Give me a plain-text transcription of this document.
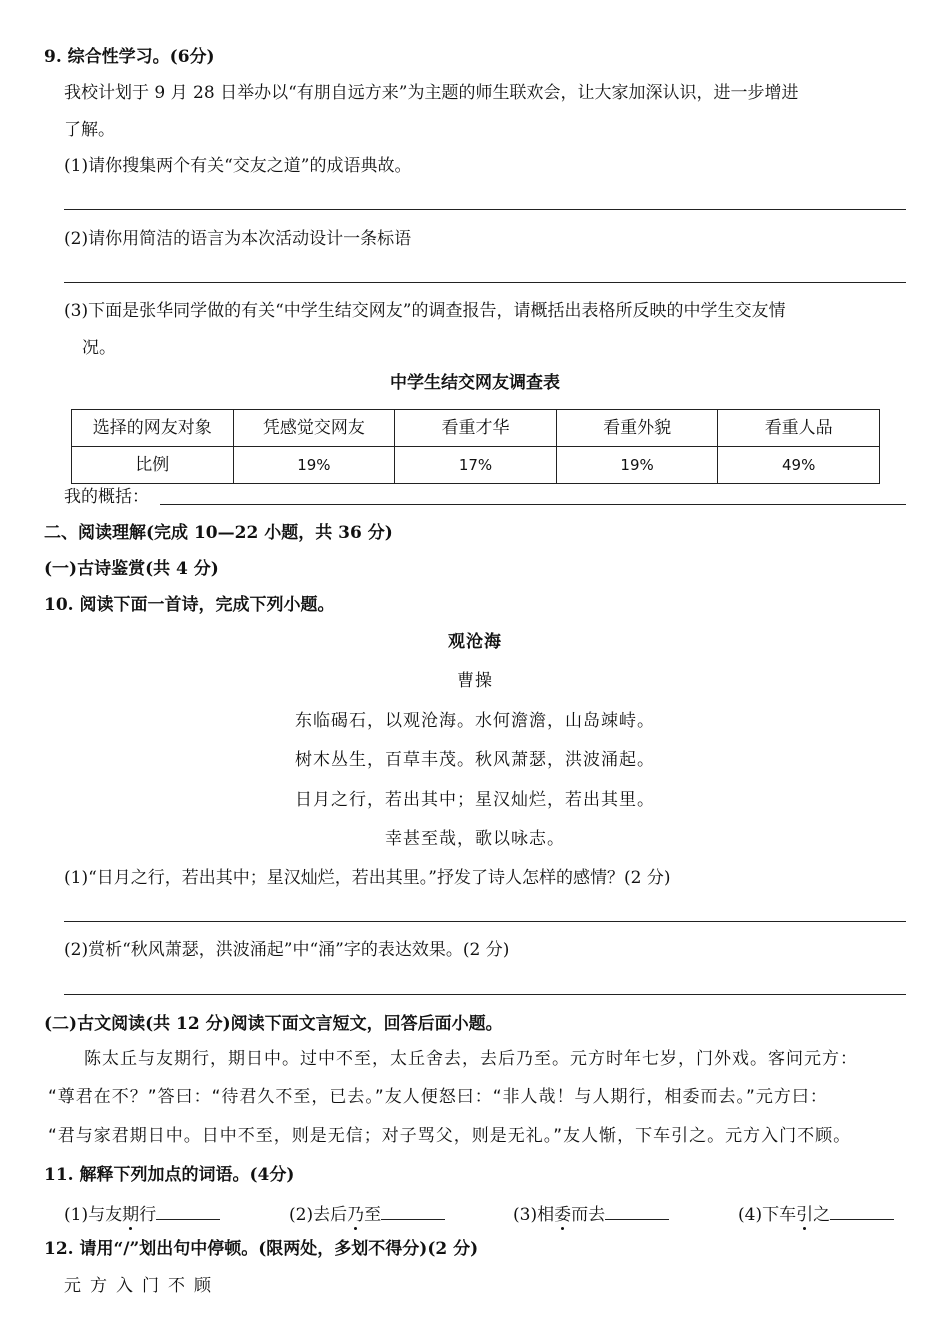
9. 综合性学习。(6分)
我校计划于 9 月 28 日举办以“有朋自远方来”为主题的师生联欢会，让大家加深认识，进一步增进
了解。
(1)请你搜集两个有关“交友之道”的成语典故。
(2)请你用简洁的语言为本次活动设计一条标语
(3)下面是张华同学做的有关“中学生结交网友”的调查报告，请概括出表格所反映的中学生交友情
况。
中学生结交网友调查表
选择的网友对象	凭感觉交网友	看重才华	看重外貌	看重人品
比例	19%	17%	19%	49%
我的概括：
二、阅读理解(完成 10—22 小题，共 36 分)
(一)古诗鉴赏(共 4 分)
10. 阅读下面一首诗，完成下列小题。
观沧海
曹操
东临碣石，以观沧海。水何澹澹，山岛竦峙。
树木丛生，百草丰茂。秋风萧瑟，洪波涌起。
日月之行，若出其中；星汉灿烂，若出其里。
幸甚至哉，歌以咏志。
(1)“日月之行，若出其中；星汉灿烂，若出其里。”抒发了诗人怎样的感情？(2 分)
(2)赏析“秋风萧瑟，洪波涌起”中“涌”字的表达效果。(2 分)
(二)古文阅读(共 12 分)阅读下面文言短文，回答后面小题。
陈太丘与友期行，期日中。过中不至，太丘舍去，去后乃至。元方时年七岁，门外戏。客问元方：
“尊君在不？”答曰：“待君久不至，已去。”友人便怒曰：“非人哉！与人期行，相委而去。”元方曰：
“君与家君期日中。日中不至，则是无信；对子骂父，则是无礼。”友人惭，下车引之。元方入门不顾。
11. 解释下列加点的词语。(4分)
(1)与友期行	(2)去后乃至	(3)相委而去	(4)下车引之
12. 请用“/”划出句中停顿。(限两处，多划不得分)(2 分)
元方入门不顾
